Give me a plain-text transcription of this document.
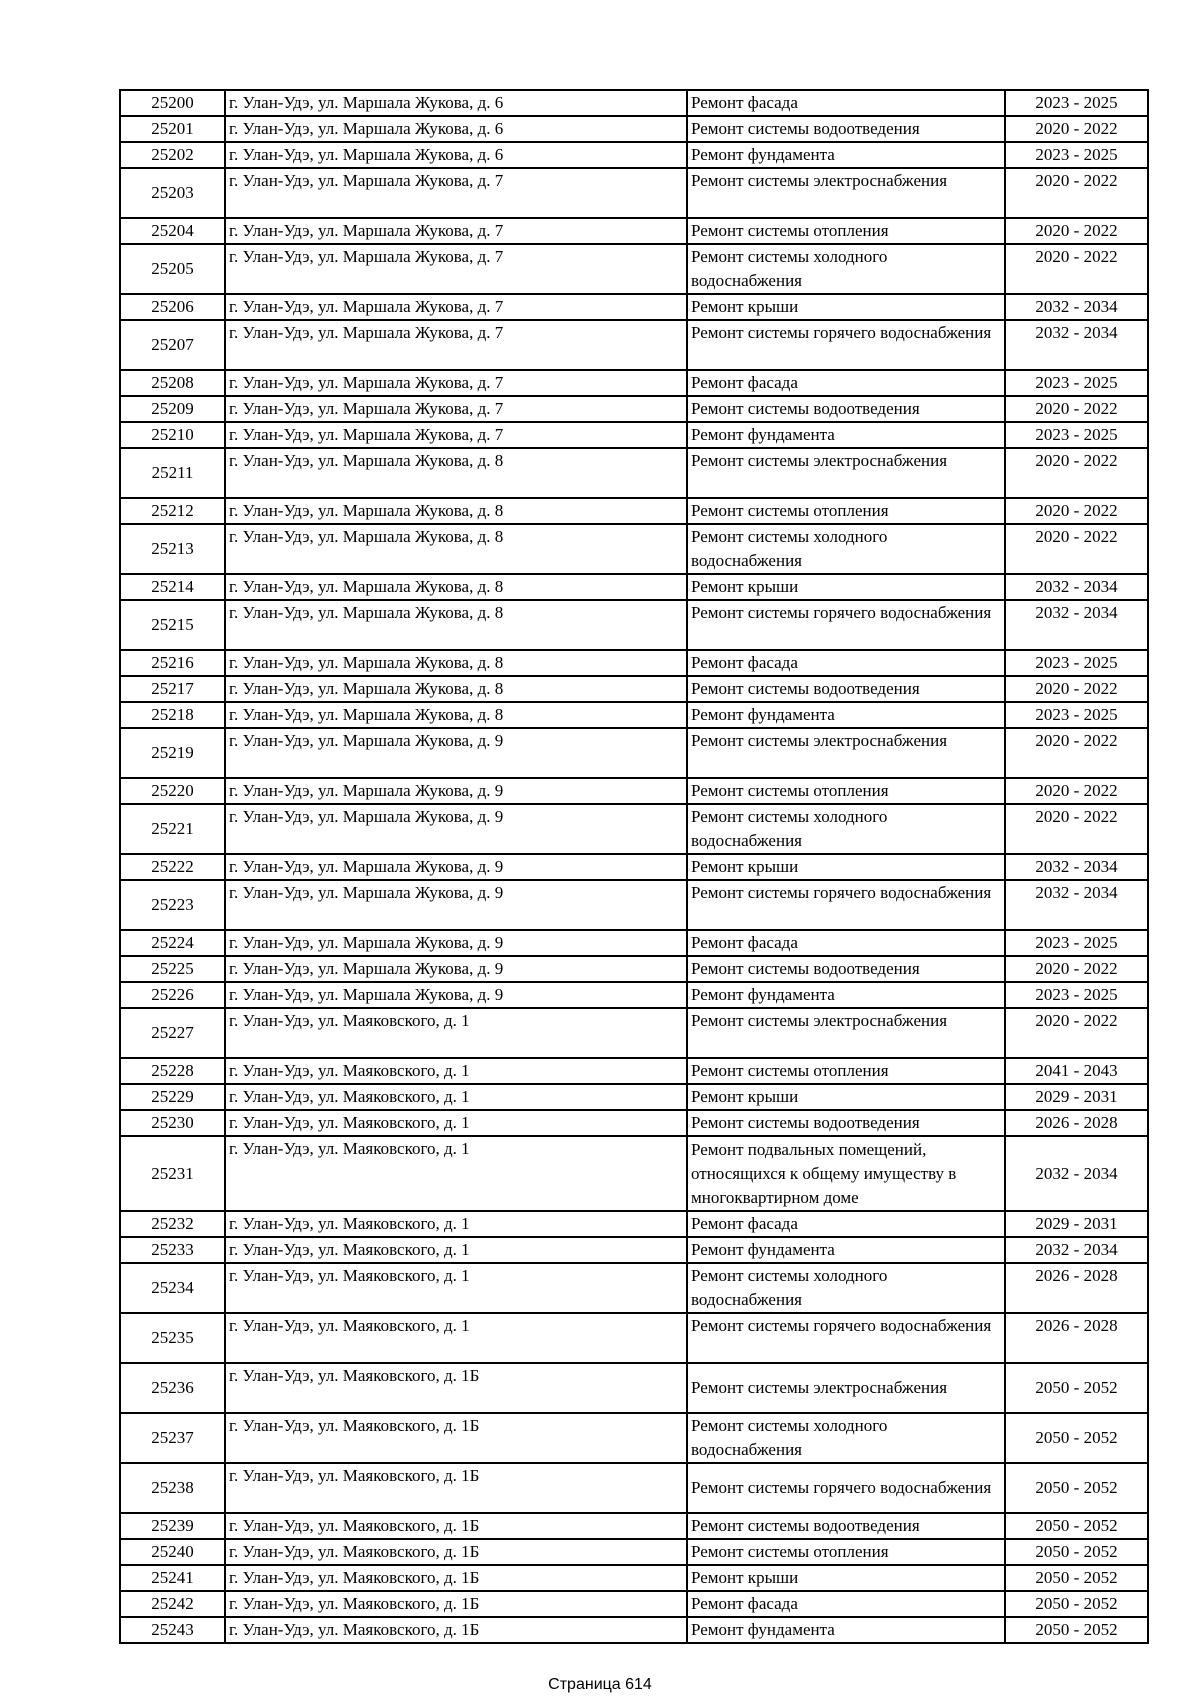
25200	г. Улан-Удэ, ул. Маршала Жукова, д. 6	Ремонт фасада	2023 - 2025
25201	г. Улан-Удэ, ул. Маршала Жукова, д. 6	Ремонт системы водоотведения	2020 - 2022
25202	г. Улан-Удэ, ул. Маршала Жукова, д. 6	Ремонт фундамента	2023 - 2025
25203	г. Улан-Удэ, ул. Маршала Жукова, д. 7	Ремонт системы электроснабжения	2020 - 2022
25204	г. Улан-Удэ, ул. Маршала Жукова, д. 7	Ремонт системы отопления	2020 - 2022
25205	г. Улан-Удэ, ул. Маршала Жукова, д. 7	Ремонт системы холодного водоснабжения	2020 - 2022
25206	г. Улан-Удэ, ул. Маршала Жукова, д. 7	Ремонт крыши	2032 - 2034
25207	г. Улан-Удэ, ул. Маршала Жукова, д. 7	Ремонт системы горячего водоснабжения	2032 - 2034
25208	г. Улан-Удэ, ул. Маршала Жукова, д. 7	Ремонт фасада	2023 - 2025
25209	г. Улан-Удэ, ул. Маршала Жукова, д. 7	Ремонт системы водоотведения	2020 - 2022
25210	г. Улан-Удэ, ул. Маршала Жукова, д. 7	Ремонт фундамента	2023 - 2025
25211	г. Улан-Удэ, ул. Маршала Жукова, д. 8	Ремонт системы электроснабжения	2020 - 2022
25212	г. Улан-Удэ, ул. Маршала Жукова, д. 8	Ремонт системы отопления	2020 - 2022
25213	г. Улан-Удэ, ул. Маршала Жукова, д. 8	Ремонт системы холодного водоснабжения	2020 - 2022
25214	г. Улан-Удэ, ул. Маршала Жукова, д. 8	Ремонт крыши	2032 - 2034
25215	г. Улан-Удэ, ул. Маршала Жукова, д. 8	Ремонт системы горячего водоснабжения	2032 - 2034
25216	г. Улан-Удэ, ул. Маршала Жукова, д. 8	Ремонт фасада	2023 - 2025
25217	г. Улан-Удэ, ул. Маршала Жукова, д. 8	Ремонт системы водоотведения	2020 - 2022
25218	г. Улан-Удэ, ул. Маршала Жукова, д. 8	Ремонт фундамента	2023 - 2025
25219	г. Улан-Удэ, ул. Маршала Жукова, д. 9	Ремонт системы электроснабжения	2020 - 2022
25220	г. Улан-Удэ, ул. Маршала Жукова, д. 9	Ремонт системы отопления	2020 - 2022
25221	г. Улан-Удэ, ул. Маршала Жукова, д. 9	Ремонт системы холодного водоснабжения	2020 - 2022
25222	г. Улан-Удэ, ул. Маршала Жукова, д. 9	Ремонт крыши	2032 - 2034
25223	г. Улан-Удэ, ул. Маршала Жукова, д. 9	Ремонт системы горячего водоснабжения	2032 - 2034
25224	г. Улан-Удэ, ул. Маршала Жукова, д. 9	Ремонт фасада	2023 - 2025
25225	г. Улан-Удэ, ул. Маршала Жукова, д. 9	Ремонт системы водоотведения	2020 - 2022
25226	г. Улан-Удэ, ул. Маршала Жукова, д. 9	Ремонт фундамента	2023 - 2025
25227	г. Улан-Удэ, ул. Маяковского, д. 1	Ремонт системы электроснабжения	2020 - 2022
25228	г. Улан-Удэ, ул. Маяковского, д. 1	Ремонт системы отопления	2041 - 2043
25229	г. Улан-Удэ, ул. Маяковского, д. 1	Ремонт крыши	2029 - 2031
25230	г. Улан-Удэ, ул. Маяковского, д. 1	Ремонт системы водоотведения	2026 - 2028
25231	г. Улан-Удэ, ул. Маяковского, д. 1	Ремонт подвальных помещений, относящихся к общему имуществу в многоквартирном доме	2032 - 2034
25232	г. Улан-Удэ, ул. Маяковского, д. 1	Ремонт фасада	2029 - 2031
25233	г. Улан-Удэ, ул. Маяковского, д. 1	Ремонт фундамента	2032 - 2034
25234	г. Улан-Удэ, ул. Маяковского, д. 1	Ремонт системы холодного водоснабжения	2026 - 2028
25235	г. Улан-Удэ, ул. Маяковского, д. 1	Ремонт системы горячего водоснабжения	2026 - 2028
25236	г. Улан-Удэ, ул. Маяковского, д. 1Б	Ремонт системы электроснабжения	2050 - 2052
25237	г. Улан-Удэ, ул. Маяковского, д. 1Б	Ремонт системы холодного водоснабжения	2050 - 2052
25238	г. Улан-Удэ, ул. Маяковского, д. 1Б	Ремонт системы горячего водоснабжения	2050 - 2052
25239	г. Улан-Удэ, ул. Маяковского, д. 1Б	Ремонт системы водоотведения	2050 - 2052
25240	г. Улан-Удэ, ул. Маяковского, д. 1Б	Ремонт системы отопления	2050 - 2052
25241	г. Улан-Удэ, ул. Маяковского, д. 1Б	Ремонт крыши	2050 - 2052
25242	г. Улан-Удэ, ул. Маяковского, д. 1Б	Ремонт фасада	2050 - 2052
25243	г. Улан-Удэ, ул. Маяковского, д. 1Б	Ремонт фундамента	2050 - 2052
Страница 614
